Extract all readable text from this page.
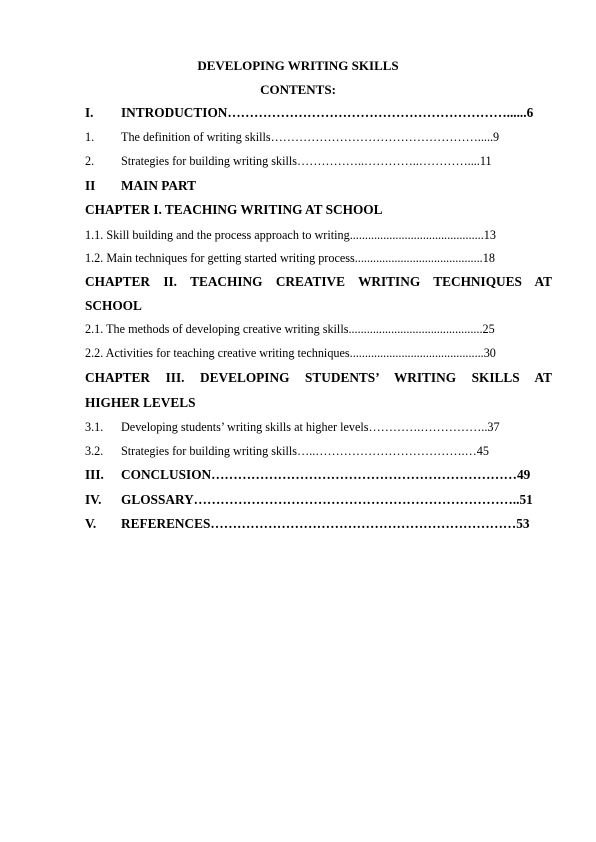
DEVELOPING WRITING SKILLS
CONTENTS:
I. INTRODUCTION………………………………………………………......6
1. The definition of writing skills…………………………………………….....9
2. Strategies for building writing skills……………..…………..…………....11
II MAIN PART
CHAPTER I. TEACHING WRITING AT SCHOOL
1.1. Skill building and the process approach to writing............................................13
1.2. Main techniques for getting started writing process..........................................18
CHAPTER II. TEACHING CREATIVE WRITING TECHNIQUES AT
SCHOOL
2.1. The methods of developing creative writing skills............................................25
2.2. Activities for teaching creative writing techniques............................................30
CHAPTER III. DEVELOPING STUDENTS’ WRITING SKILLS AT
HIGHER LEVELS
3.1. Developing students’ writing skills at higher levels………….……………..37
3.2. Strategies for building writing skills…..……………………………….…45
III. CONCLUSION……………………………………………………………49
IV. GLOSSARY………………………………………………………………..51
V. REFERENCES……………………………………………………………53
